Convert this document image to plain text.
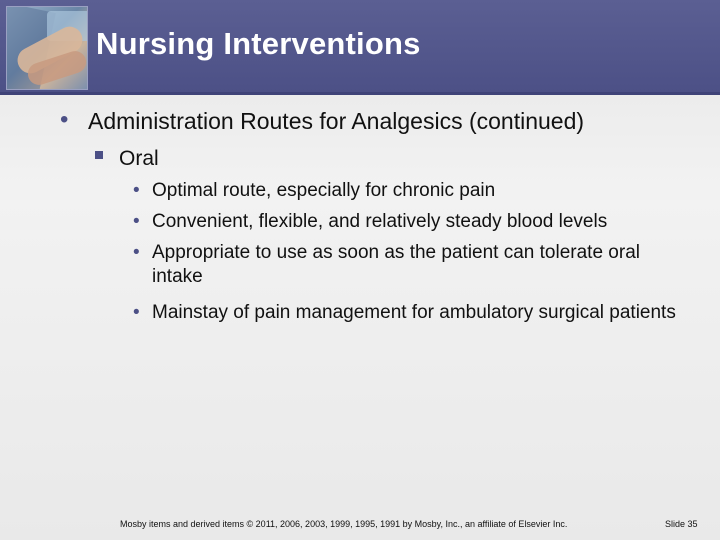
Nursing Interventions
• Administration Routes for Analgesics (continued)
Oral
• Optimal route, especially for chronic pain
• Convenient, flexible, and relatively steady blood levels
• Appropriate to use as soon as the patient can tolerate oral intake
• Mainstay of pain management for ambulatory surgical patients
Mosby items and derived items © 2011, 2006, 2003, 1999, 1995, 1991 by Mosby, Inc., an affiliate of Elsevier Inc.	Slide 35
